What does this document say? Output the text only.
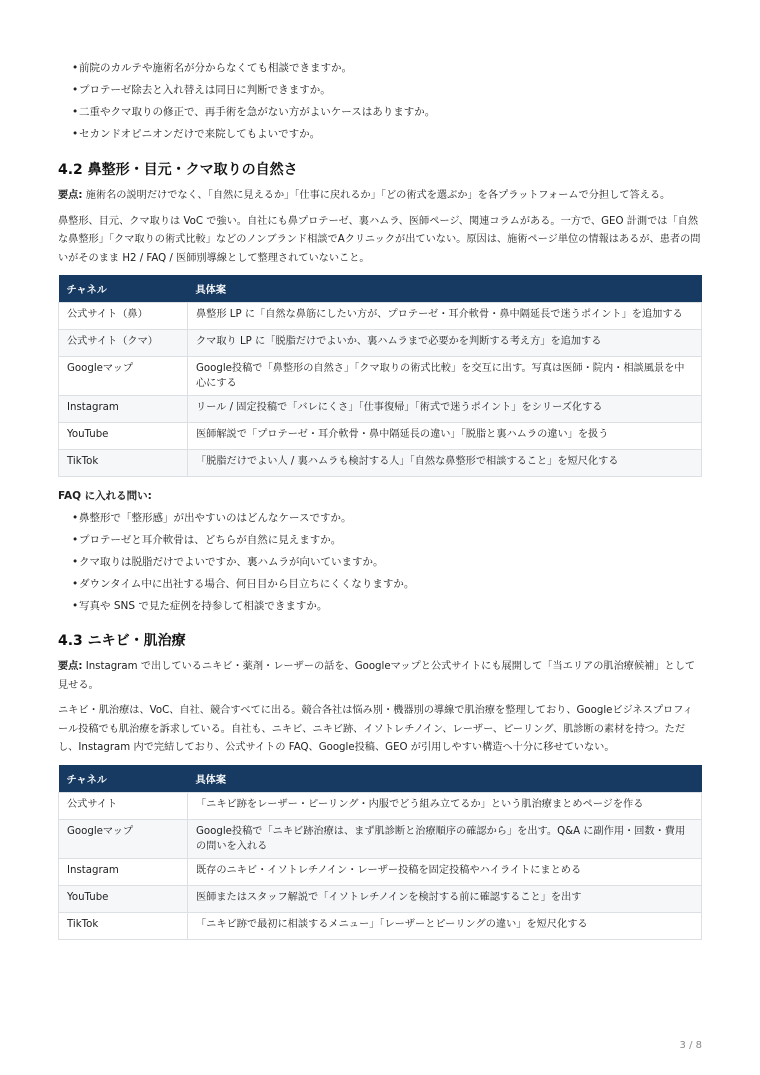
• 前院のカルテや施術名が分からなくても相談できますか。
• プロテーゼ除去と入れ替えは同日に判断できますか。
• 二重やクマ取りの修正で、再手術を急がない方がよいケースはありますか。
• セカンドオピニオンだけで来院してもよいですか。
4.2 鼻整形・目元・クマ取りの自然さ

要点: 施術名の説明だけでなく、「自然に見えるか」「仕事に戻れるか」「どの術式を選ぶか」を各プラットフォームで分担して答える。

鼻整形、目元、クマ取りは VoC で強い。自社にも鼻プロテーゼ、裏ハムラ、医師ページ、関連コラムがある。一方で、GEO 計測では「自然な鼻整形」「クマ取りの術式比較」などのノンブランド相談でAクリニックが出ていない。原因は、施術ページ単位の情報はあるが、患者の問いがそのまま H2 / FAQ / 医師別導線として整理されていないこと。

チャネル	具体案
公式サイト（鼻）	鼻整形 LP に「自然な鼻筋にしたい方が、プロテーゼ・耳介軟骨・鼻中隔延長で迷うポイント」を追加する
公式サイト（クマ）	クマ取り LP に「脱脂だけでよいか、裏ハムラまで必要かを判断する考え方」を追加する
Googleマップ	Google投稿で「鼻整形の自然さ」「クマ取りの術式比較」を交互に出す。写真は医師・院内・相談風景を中心にする
Instagram	リール / 固定投稿で「バレにくさ」「仕事復帰」「術式で迷うポイント」をシリーズ化する
YouTube	医師解説で「プロテーゼ・耳介軟骨・鼻中隔延長の違い」「脱脂と裏ハムラの違い」を扱う
TikTok	「脱脂だけでよい人 / 裏ハムラも検討する人」「自然な鼻整形で相談すること」を短尺化する
FAQ に入れる問い:
• 鼻整形で「整形感」が出やすいのはどんなケースですか。
• プロテーゼと耳介軟骨は、どちらが自然に見えますか。
• クマ取りは脱脂だけでよいですか、裏ハムラが向いていますか。
• ダウンタイム中に出社する場合、何日目から目立ちにくくなりますか。
• 写真や SNS で見た症例を持参して相談できますか。
4.3 ニキビ・肌治療

要点: Instagram で出しているニキビ・薬剤・レーザーの話を、Googleマップと公式サイトにも展開して「当エリアの肌治療候補」として見せる。

ニキビ・肌治療は、VoC、自社、競合すべてに出る。競合各社は悩み別・機器別の導線で肌治療を整理しており、Googleビジネスプロフィール投稿でも肌治療を訴求している。自社も、ニキビ、ニキビ跡、イソトレチノイン、レーザー、ピーリング、肌診断の素材を持つ。ただし、Instagram 内で完結しており、公式サイトの FAQ、Google投稿、GEO が引用しやすい構造へ十分に移せていない。

チャネル	具体案
公式サイト	「ニキビ跡をレーザー・ピーリング・内服でどう組み立てるか」という肌治療まとめページを作る
Googleマップ	Google投稿で「ニキビ跡治療は、まず肌診断と治療順序の確認から」を出す。Q&A に副作用・回数・費用の問いを入れる
Instagram	既存のニキビ・イソトレチノイン・レーザー投稿を固定投稿やハイライトにまとめる
YouTube	医師またはスタッフ解説で「イソトレチノインを検討する前に確認すること」を出す
TikTok	「ニキビ跡で最初に相談するメニュー」「レーザーとピーリングの違い」を短尺化する
3 / 8
